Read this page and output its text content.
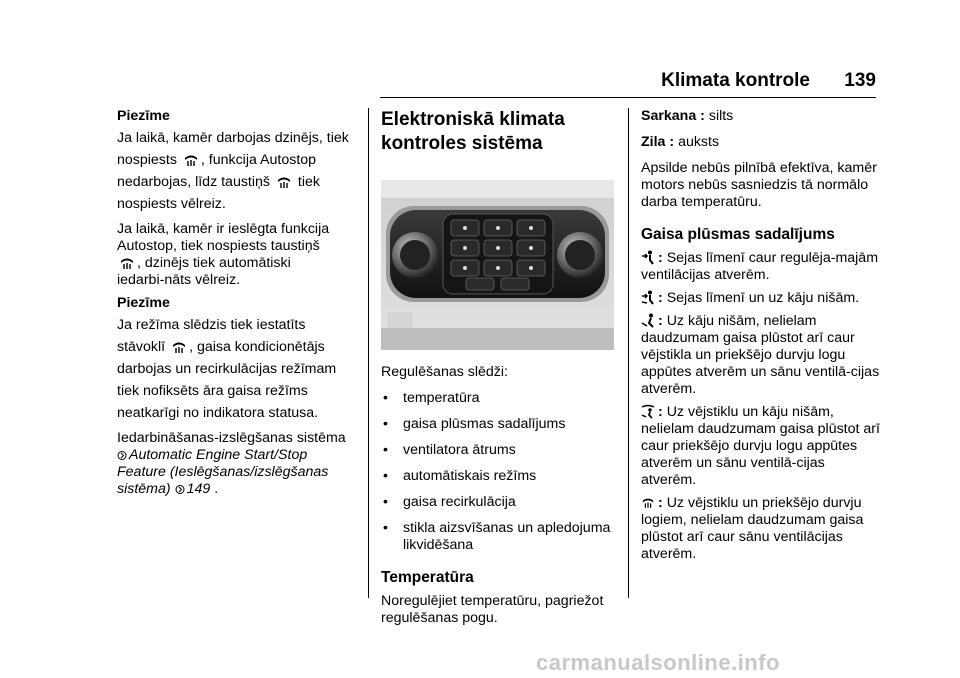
Klimata kontrole 139

Piezīme

Ja laikā, kamēr darbojas dzinējs, tiek nospiests , funkcija Autostop nedarbojas, līdz taustiņš tiek nospiests vēlreiz.

Ja laikā, kamēr ir ieslēgta funkcija Autostop, tiek nospiests taustiņš
, dzinējs tiek automātiski iedarbi‑nāts vēlreiz.

Piezīme

Ja režīma slēdzis tiek iestatīts stāvoklī , gaisa kondicionētājs darbojas un recirkulācijas režīmam tiek nofiksēts āra gaisa režīms neatkarīgi no indikatora statusa.

Iedarbināšanas-izslēgšanas sistēma
Automatic Engine Start/Stop Feature (Ieslēgšanas/izslēgšanas sistēma) 149 .

Elektroniskā klimata kontroles sistēma

Regulēšanas slēdži:

• temperatūra
• gaisa plūsmas sadalījums
• ventilatora ātrums
• automātiskais režīms
• gaisa recirkulācija
• stikla aizsvīšanas un apledojuma likvidēšana
Temperatūra

Noregulējiet temperatūru, pagriežot regulēšanas pogu.

Sarkana : silts

Zila : auksts

Apsilde nebūs pilnībā efektīva, kamēr motors nebūs sasniedzis tā normālo darba temperatūru.

Gaisa plūsmas sadalījums

: Sejas līmenī caur regulēja‑majām ventilācijas atverēm.

: Sejas līmenī un uz kāju nišām.

: Uz kāju nišām, nelielam daudzumam gaisa plūstot arī caur vējstikla un priekšējo durvju logu appūtes atverēm un sānu ventilā‑cijas atverēm.

: Uz vējstiklu un kāju nišām, nelielam daudzumam gaisa plūstot arī caur priekšējo durvju logu appūtes atverēm un sānu ventilā‑cijas atverēm.

: Uz vējstiklu un priekšējo durvju logiem, nelielam daudzumam gaisa plūstot arī caur sānu ventilācijas atverēm.

carmanualsonline.info
